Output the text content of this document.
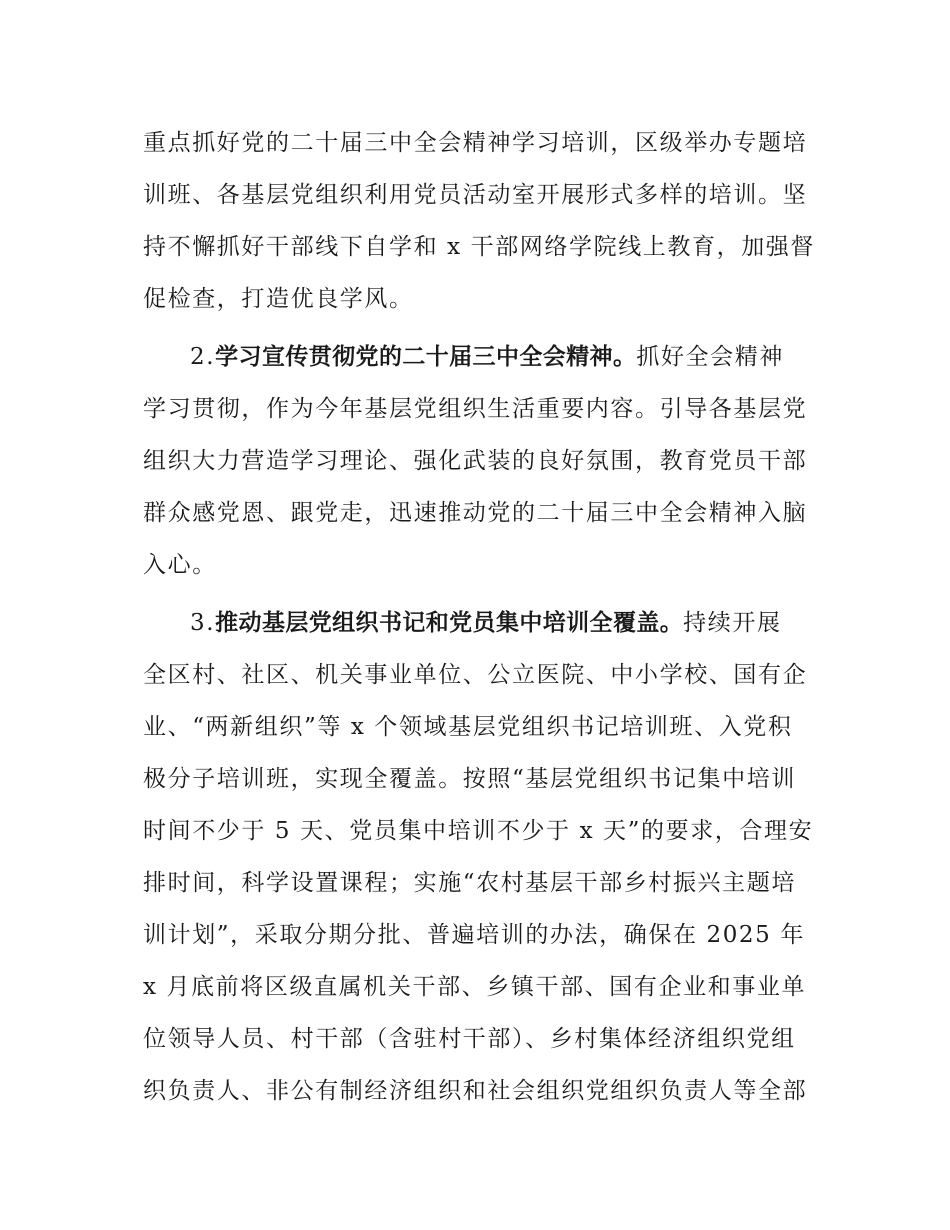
重点抓好党的二十届三中全会精神学习培训，区级举办专题培
训班、各基层党组织利用党员活动室开展形式多样的培训。坚
持不懈抓好干部线下自学和 x 干部网络学院线上教育，加强督
促检查，打造优良学风。
2.学习宣传贯彻党的二十届三中全会精神。抓好全会精神
学习贯彻，作为今年基层党组织生活重要内容。引导各基层党
组织大力营造学习理论、强化武装的良好氛围，教育党员干部
群众感党恩、跟党走，迅速推动党的二十届三中全会精神入脑
入心。
3.推动基层党组织书记和党员集中培训全覆盖。持续开展
全区村、社区、机关事业单位、公立医院、中小学校、国有企
业、“两新组织”等 x 个领域基层党组织书记培训班、入党积
极分子培训班，实现全覆盖。按照“基层党组织书记集中培训
时间不少于 5 天、党员集中培训不少于 x 天”的要求，合理安
排时间，科学设置课程；实施“农村基层干部乡村振兴主题培
训计划”，采取分期分批、普遍培训的办法，确保在 2025 年
x 月底前将区级直属机关干部、乡镇干部、国有企业和事业单
位领导人员、村干部（含驻村干部）、乡村集体经济组织党组
织负责人、非公有制经济组织和社会组织党组织负责人等全部
